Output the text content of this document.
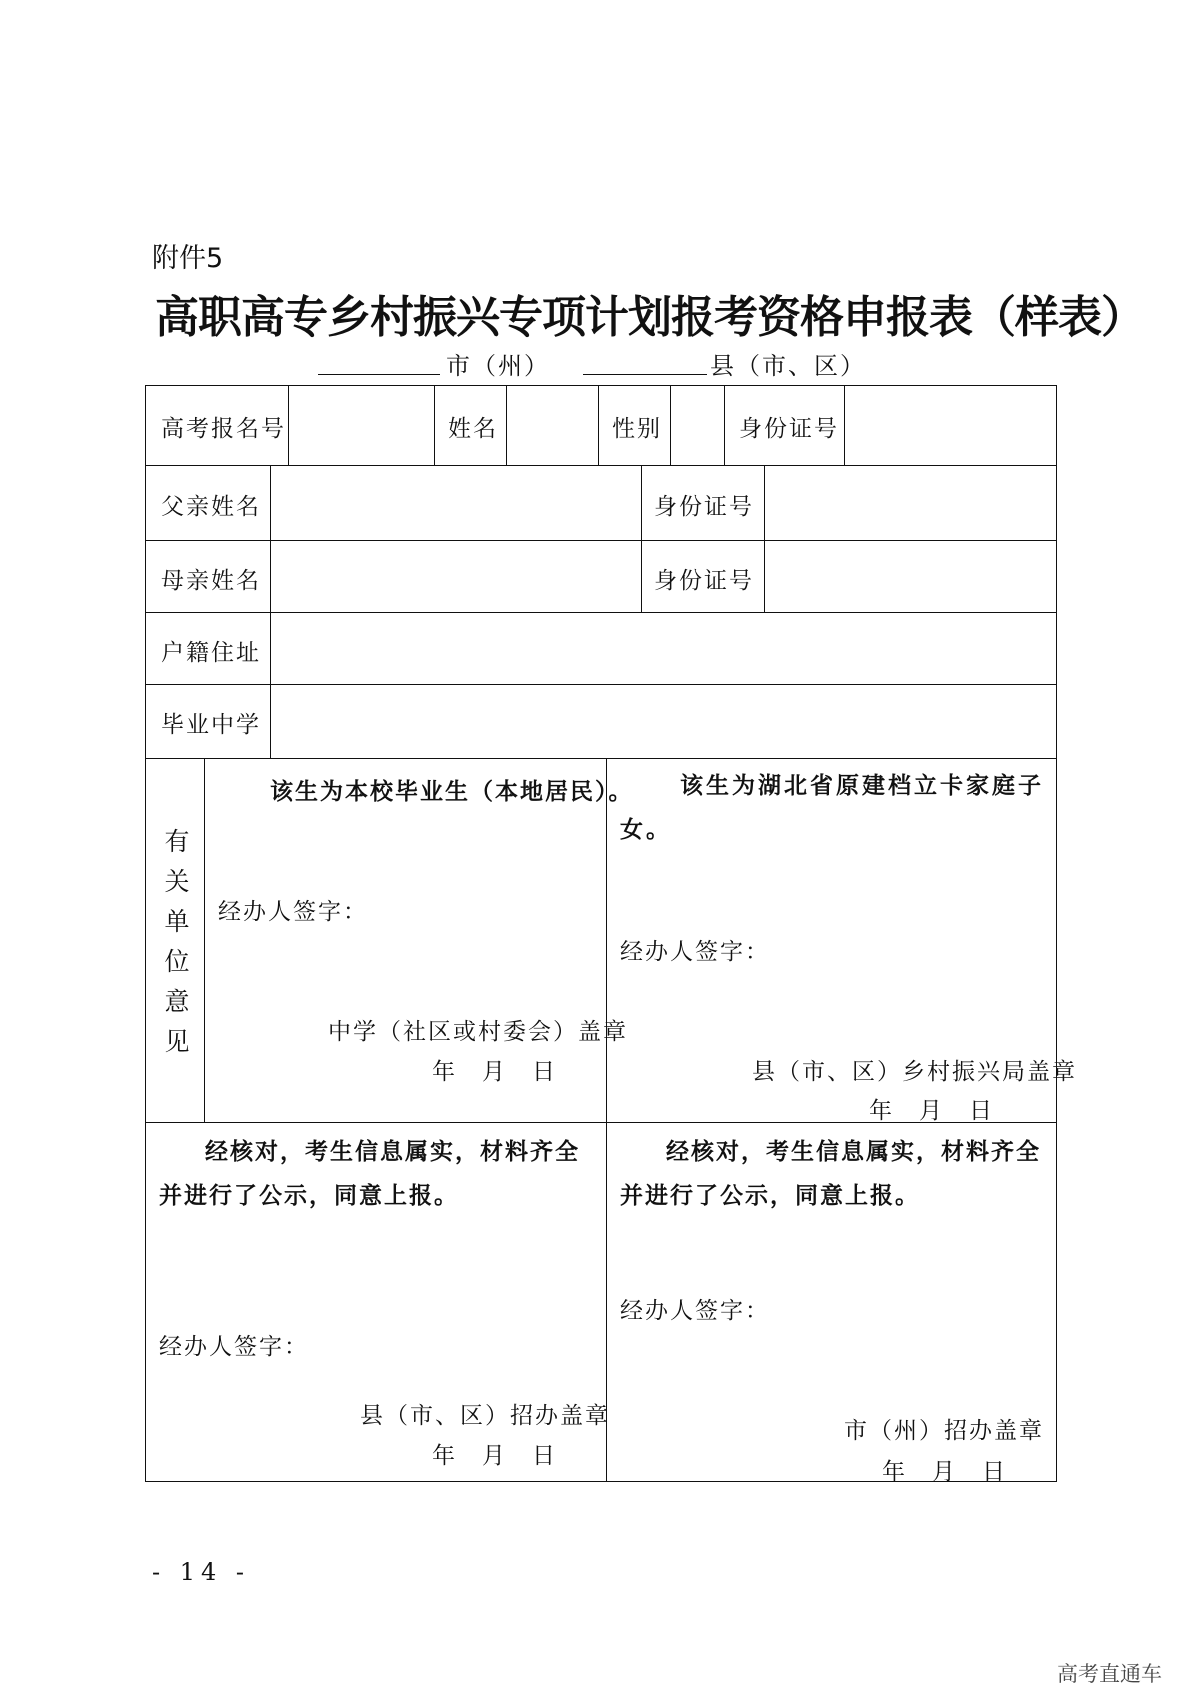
附件5
高职高专乡村振兴专项计划报考资格申报表（样表）
市（州）	县（市、区）
高考报名号	姓名	性别	身份证号
父亲姓名	身份证号
母亲姓名	身份证号
户籍住址
毕业中学
有
关
单
位
意
见
该生为本校毕业生（本地居民）。
经办人签字：
中学（社区或村委会）盖章
年　月　日
该生为湖北省原建档立卡家庭子女。
经办人签字：
县（市、区）乡村振兴局盖章
年　月　日
经核对，考生信息属实，材料齐全并进行了公示，同意上报。
经办人签字：
县（市、区）招办盖章
年　月　日
经核对，考生信息属实，材料齐全并进行了公示，同意上报。
经办人签字：
市（州）招办盖章
年　月　日
- 14 -
高考直通车
